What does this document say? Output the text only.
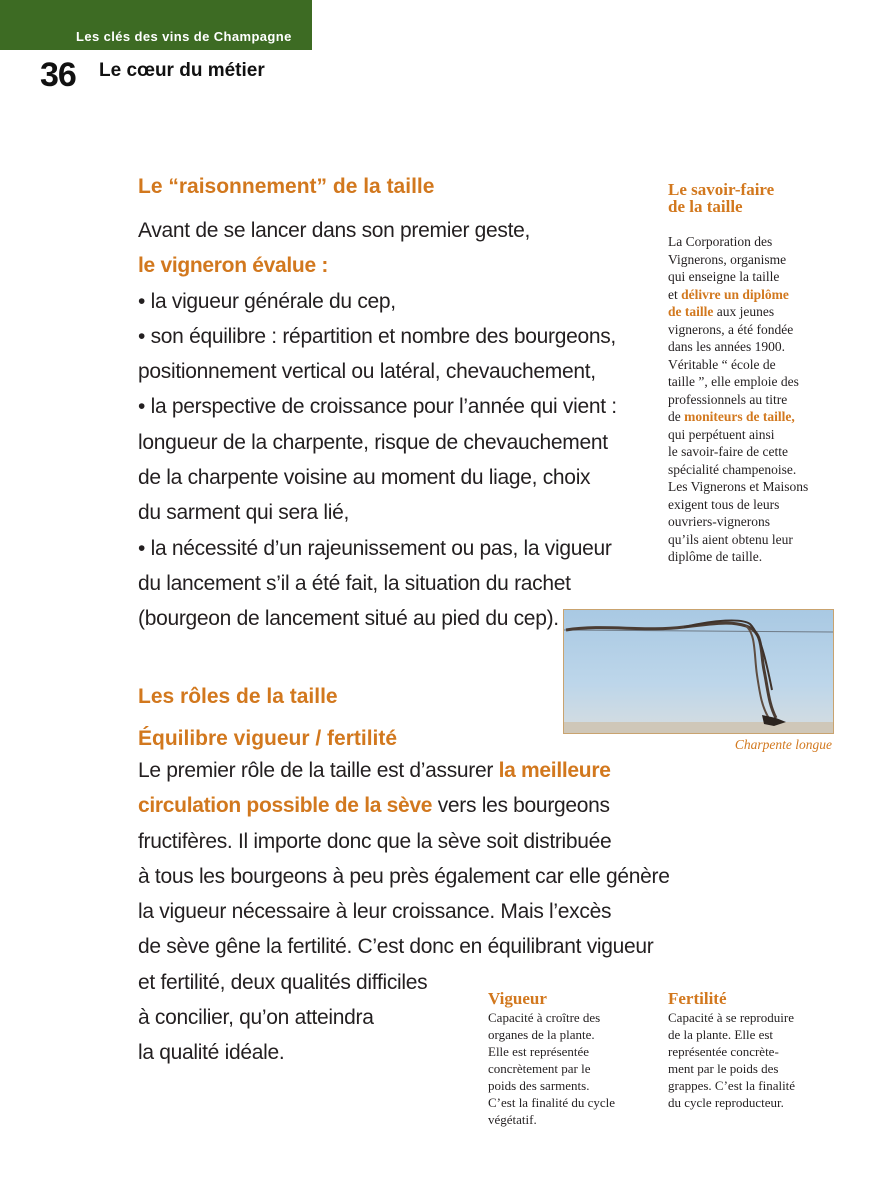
Les clés des vins de Champagne
36 Le cœur du métier
Le “raisonnement” de la taille
Avant de se lancer dans son premier geste,
le vigneron évalue :
• la vigueur générale du cep,
• son équilibre : répartition et nombre des bourgeons,
positionnement vertical ou latéral, chevauchement,
• la perspective de croissance pour l’année qui vient :
longueur de la charpente, risque de chevauchement
de la charpente voisine au moment du liage, choix
du sarment qui sera lié,
• la nécessité d’un rajeunissement ou pas, la vigueur
du lancement s’il a été fait, la situation du rachet
(bourgeon de lancement situé au pied du cep).
Les rôles de la taille
Équilibre vigueur / fertilité
Le premier rôle de la taille est d’assurer la meilleure
circulation possible de la sève vers les bourgeons
fructifères. Il importe donc que la sève soit distribuée
à tous les bourgeons à peu près également car elle génère
la vigueur nécessaire à leur croissance. Mais l’excès
de sève gêne la fertilité. C’est donc en équilibrant vigueur
et fertilité, deux qualités difficiles
à concilier, qu’on atteindra
la qualité idéale.
Le savoir-faire
de la taille
La Corporation des
Vignerons, organisme
qui enseigne la taille
et délivre un diplôme
de taille aux jeunes
vignerons, a été fondée
dans les années 1900.
Véritable “ école de
taille ”, elle emploie des
professionnels au titre
de moniteurs de taille,
qui perpétuent ainsi
le savoir-faire de cette
spécialité champenoise.
Les Vignerons et Maisons
exigent tous de leurs
ouvriers-vignerons
qu’ils aient obtenu leur
diplôme de taille.
Charpente longue
Vigueur
Capacité à croître des
organes de la plante.
Elle est représentée
concrètement par le
poids des sarments.
C’est la finalité du cycle
végétatif.
Fertilité
Capacité à se reproduire
de la plante. Elle est
représentée concrète-
ment par le poids des
grappes. C’est la finalité
du cycle reproducteur.
